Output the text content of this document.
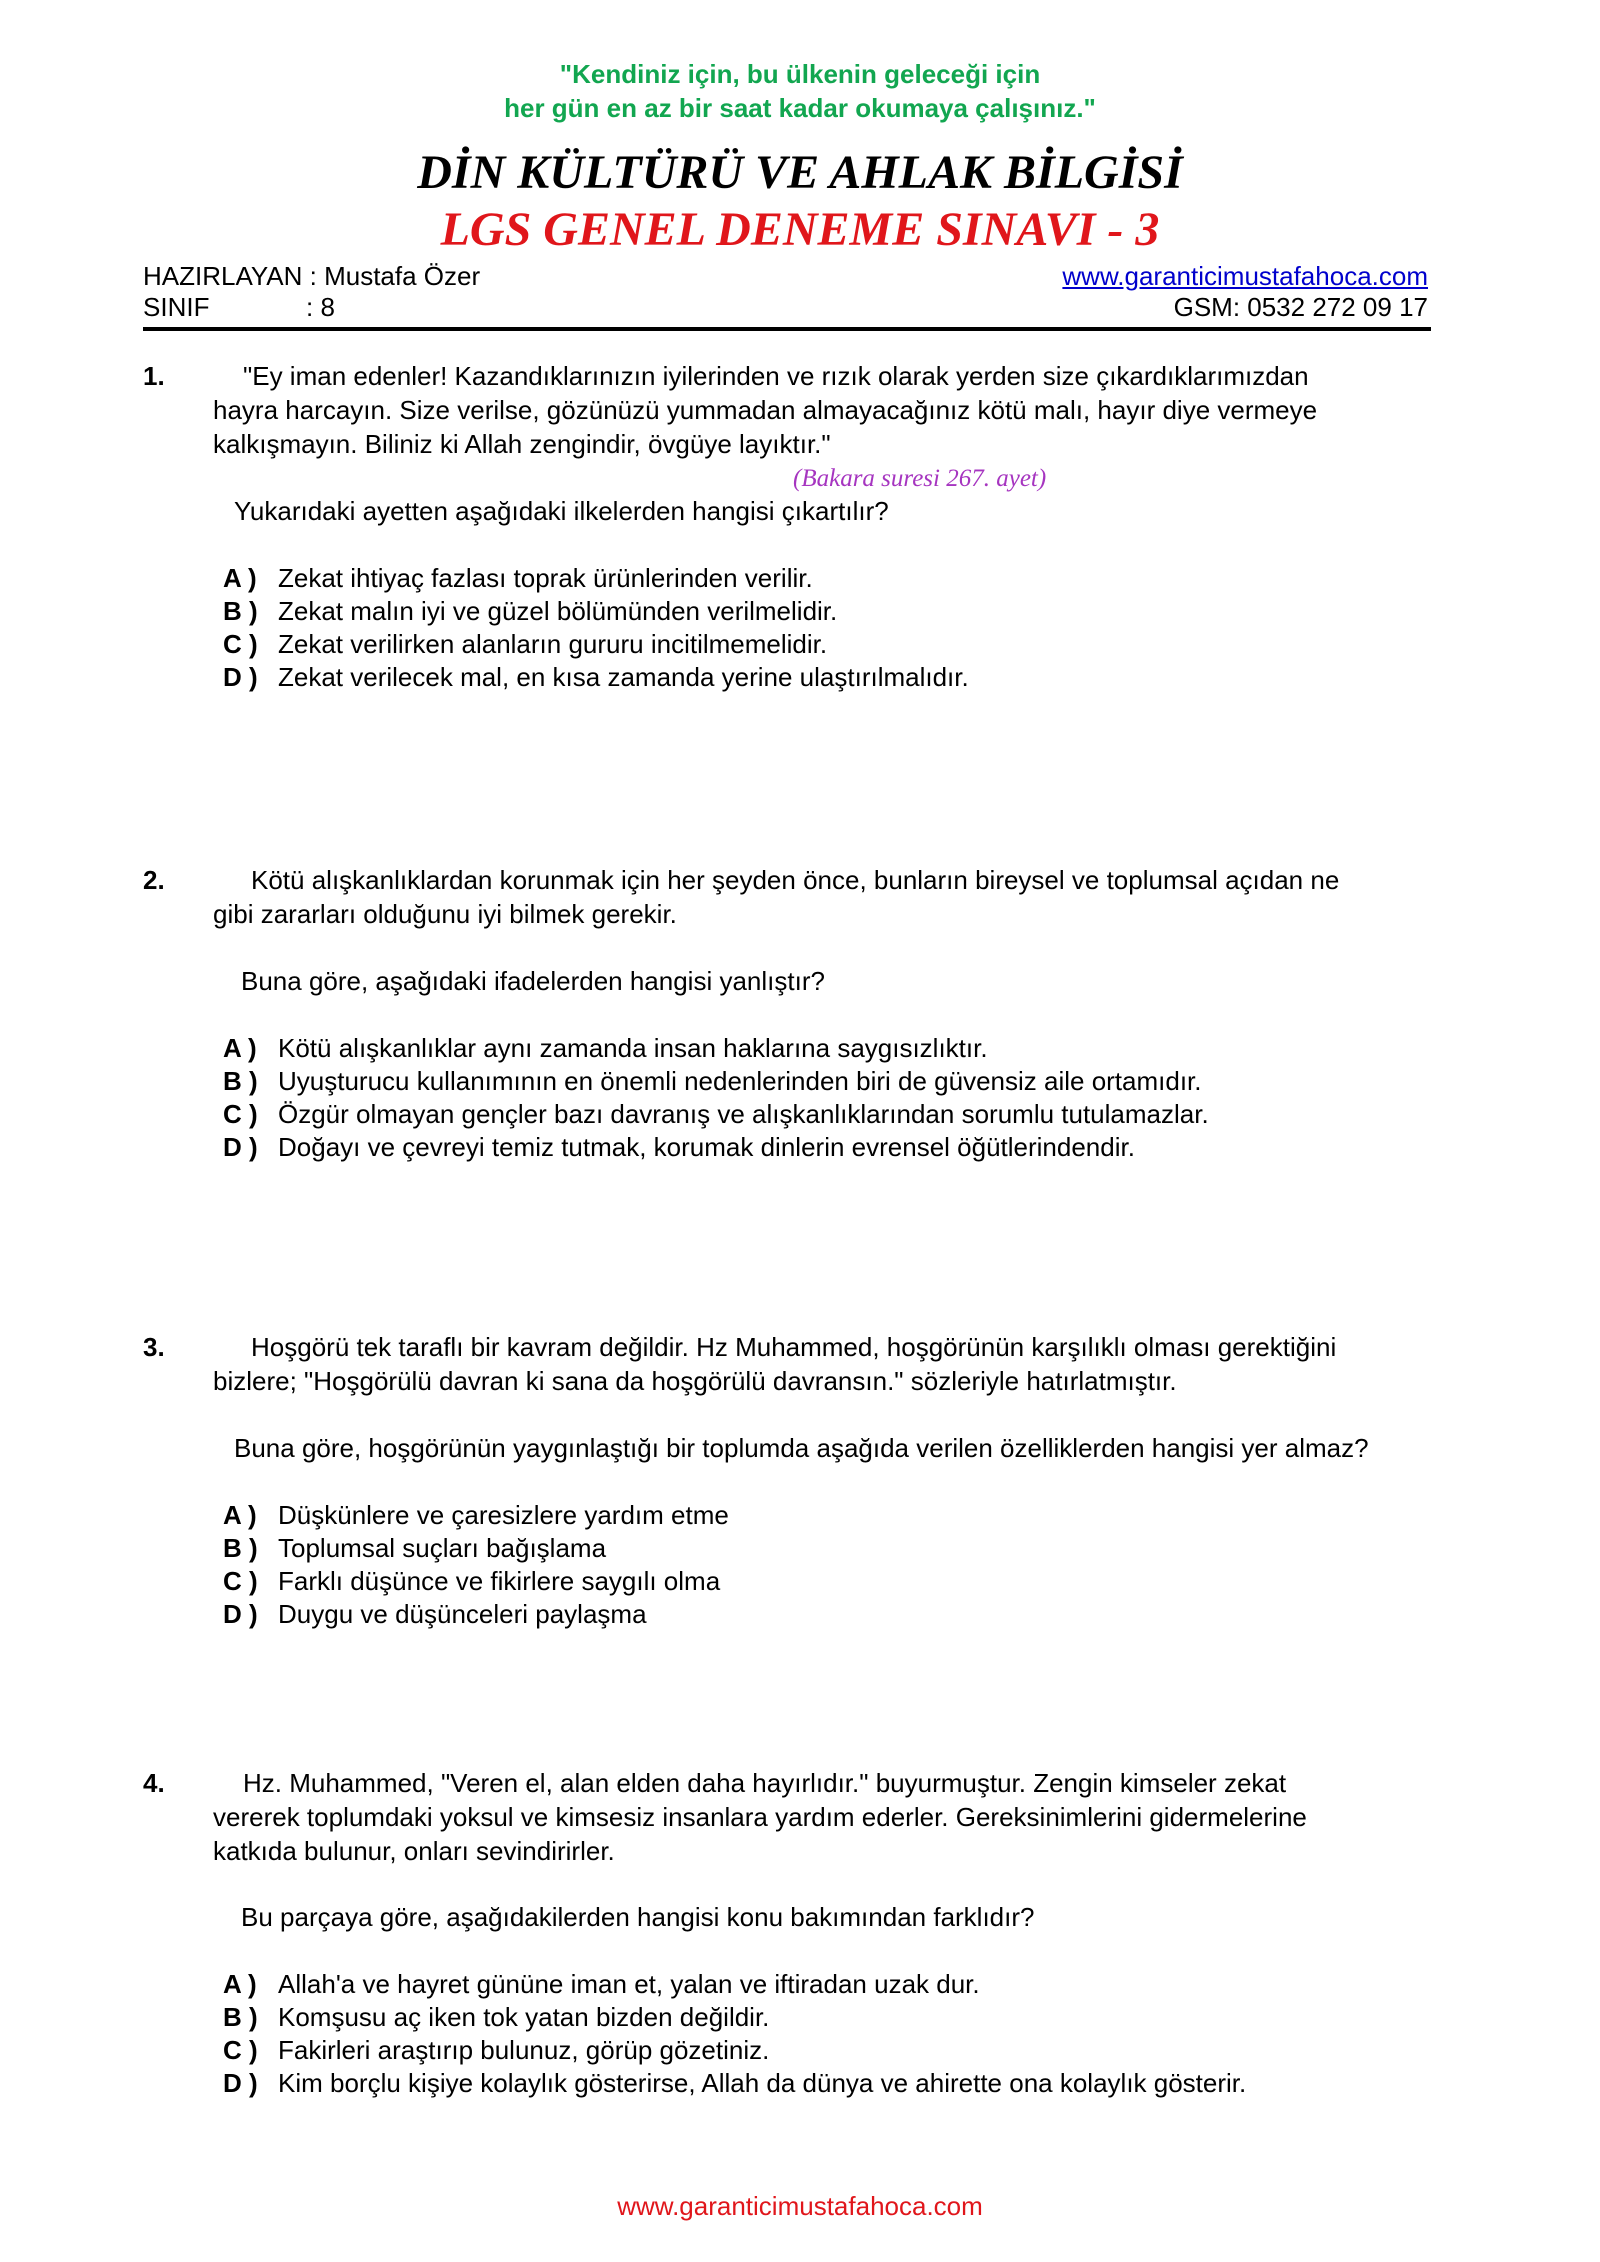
"Kendiniz için, bu ülkenin geleceği için
her gün en az bir saat kadar okumaya çalışınız."
DİN KÜLTÜRÜ VE AHLAK BİLGİSİ
LGS GENEL DENEME SINAVI - 3
HAZIRLAYAN : Mustafa Özer
SINIF	: 8
www.garanticimustafahoca.com
GSM: 0532 272 09 17
1.	"Ey iman edenler! Kazandıklarınızın iyilerinden ve rızık olarak yerden size çıkardıklarımızdan
hayra harcayın. Size verilse, gözünüzü yummadan almayacağınız kötü malı, hayır diye vermeye
kalkışmayın. Biliniz ki Allah zengindir, övgüye layıktır."
(Bakara suresi 267. ayet)
Yukarıdaki ayetten aşağıdaki ilkelerden hangisi çıkartılır?
A ) Zekat ihtiyaç fazlası toprak ürünlerinden verilir.
B ) Zekat malın iyi ve güzel bölümünden verilmelidir.
C ) Zekat verilirken alanların gururu incitilmemelidir.
D ) Zekat verilecek mal, en kısa zamanda yerine ulaştırılmalıdır.
2.	Kötü alışkanlıklardan korunmak için her şeyden önce, bunların bireysel ve toplumsal açıdan ne
gibi zararları olduğunu iyi bilmek gerekir.
Buna göre, aşağıdaki ifadelerden hangisi yanlıştır?
A ) Kötü alışkanlıklar aynı zamanda insan haklarına saygısızlıktır.
B ) Uyuşturucu kullanımının en önemli nedenlerinden biri de güvensiz aile ortamıdır.
C ) Özgür olmayan gençler bazı davranış ve alışkanlıklarından sorumlu tutulamazlar.
D ) Doğayı ve çevreyi temiz tutmak, korumak dinlerin evrensel öğütlerindendir.
3.	Hoşgörü tek taraflı bir kavram değildir. Hz Muhammed, hoşgörünün karşılıklı olması gerektiğini
bizlere; "Hoşgörülü davran ki sana da hoşgörülü davransın." sözleriyle hatırlatmıştır.
Buna göre, hoşgörünün yaygınlaştığı bir toplumda aşağıda verilen özelliklerden hangisi yer almaz?
A ) Düşkünlere ve çaresizlere yardım etme
B ) Toplumsal suçları bağışlama
C ) Farklı düşünce ve fikirlere saygılı olma
D ) Duygu ve düşünceleri paylaşma
4.	Hz. Muhammed, "Veren el, alan elden daha hayırlıdır." buyurmuştur. Zengin kimseler zekat
vererek toplumdaki yoksul ve kimsesiz insanlara yardım ederler. Gereksinimlerini gidermelerine
katkıda bulunur, onları sevindirirler.
Bu parçaya göre, aşağıdakilerden hangisi konu bakımından farklıdır?
A ) Allah'a ve hayret gününe iman et, yalan ve iftiradan uzak dur.
B ) Komşusu aç iken tok yatan bizden değildir.
C ) Fakirleri araştırıp bulunuz, görüp gözetiniz.
D ) Kim borçlu kişiye kolaylık gösterirse, Allah da dünya ve ahirette ona kolaylık gösterir.
www.garanticimustafahoca.com
